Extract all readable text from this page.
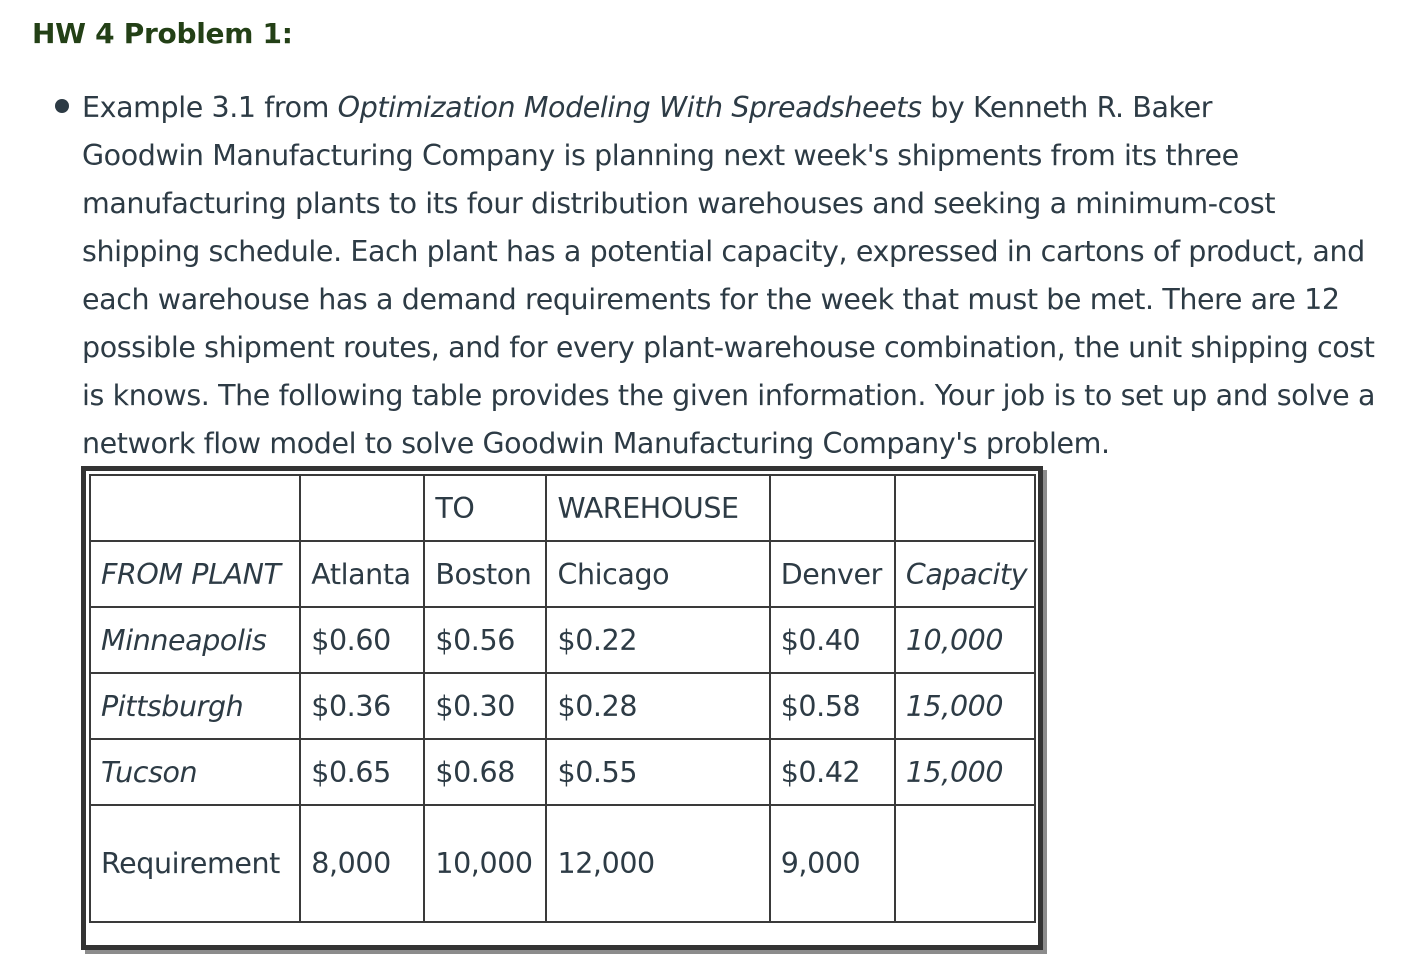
HW 4 Problem 1:

Example 3.1 from Optimization Modeling With Spreadsheets by Kenneth R. Baker

Goodwin Manufacturing Company is planning next week's shipments from its three manufacturing plants to its four distribution warehouses and seeking a minimum-cost shipping schedule. Each plant has a potential capacity, expressed in cartons of product, and each warehouse has a demand requirements for the week that must be met. There are 12 possible shipment routes, and for every plant-warehouse combination, the unit shipping cost is knows. The following table provides the given information. Your job is to set up and solve a network flow model to solve Goodwin Manufacturing Company's problem.

		TO	WAREHOUSE		
FROM PLANT	Atlanta	Boston	Chicago	Denver	Capacity
Minneapolis	$0.60	$0.56	$0.22	$0.40	10,000
Pittsburgh	$0.36	$0.30	$0.28	$0.58	15,000
Tucson	$0.65	$0.68	$0.55	$0.42	15,000
Requirement	8,000	10,000	12,000	9,000	
